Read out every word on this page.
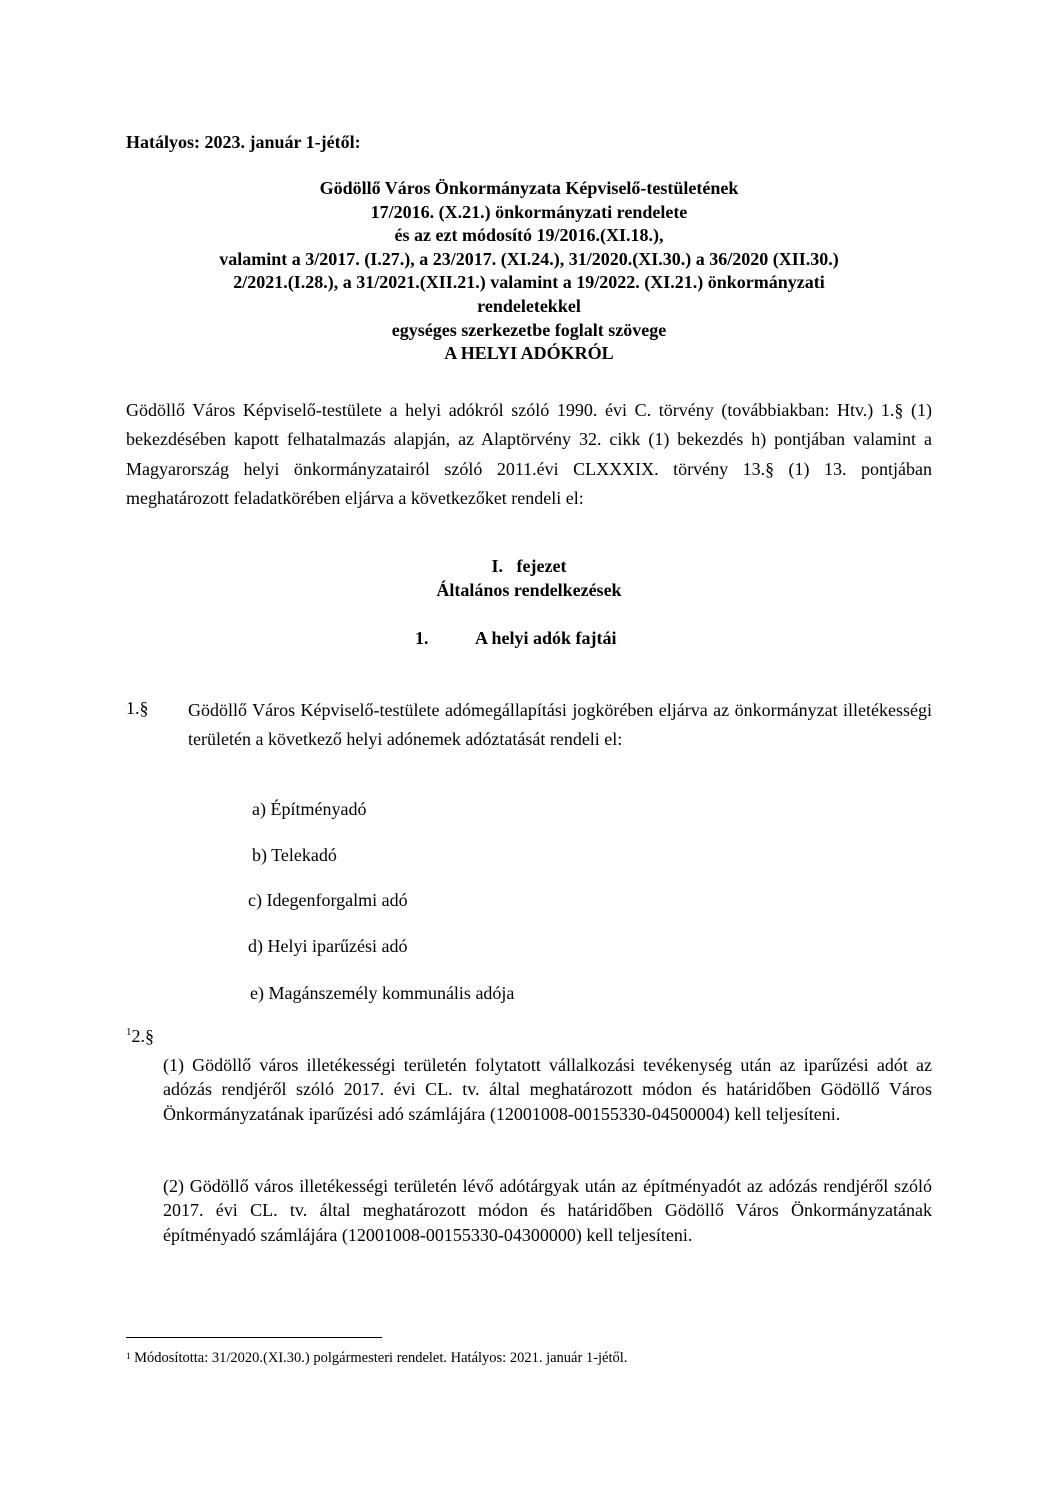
Hatályos: 2023. január 1-jétől:
Gödöllő Város Önkormányzata Képviselő-testületének
17/2016. (X.21.) önkormányzati rendelete
és az ezt módosító 19/2016.(XI.18.),
valamint a 3/2017. (I.27.), a 23/2017. (XI.24.), 31/2020.(XI.30.) a 36/2020 (XII.30.)
2/2021.(I.28.), a 31/2021.(XII.21.) valamint a 19/2022. (XI.21.) önkormányzati
rendeletekkel
egységes szerkezetbe foglalt szövege
A HELYI ADÓKRÓL
Gödöllő Város Képviselő-testülete a helyi adókról szóló 1990. évi C. törvény (továbbiakban: Htv.) 1.§ (1) bekezdésében kapott felhatalmazás alapján, az Alaptörvény 32. cikk (1) bekezdés h) pontjában valamint a Magyarország helyi önkormányzatairól szóló 2011.évi CLXXXIX. törvény 13.§ (1) 13. pontjában meghatározott feladatkörében eljárva a következőket rendeli el:
I.   fejezet
Általános rendelkezések
1.	A helyi adók fajtái
1.§ Gödöllő Város Képviselő-testülete adómegállapítási jogkörében eljárva az önkormányzat illetékességi területén a következő helyi adónemek adóztatását rendeli el:
a) Építményadó
b) Telekadó
c) Idegenforgalmi adó
d) Helyi iparűzési adó
e) Magánszemély kommunális adója
$^1$2.§
(1) Gödöllő város illetékességi területén folytatott vállalkozási tevékenység után az iparűzési adót az adózás rendjéről szóló 2017. évi CL. tv. által meghatározott módon és határidőben Gödöllő Város Önkormányzatának iparűzési adó számlájára (12001008-00155330-04500004) kell teljesíteni.
(2) Gödöllő város illetékességi területén lévő adótárgyak után az építményadót az adózás rendjéről szóló 2017. évi CL. tv. által meghatározott módon és határidőben Gödöllő Város Önkormányzatának építményadó számlájára (12001008-00155330-04300000) kell teljesíteni.
$^1$ Módosította: 31/2020.(XI.30.) polgármesteri rendelet. Hatályos: 2021. január 1-jétől.
